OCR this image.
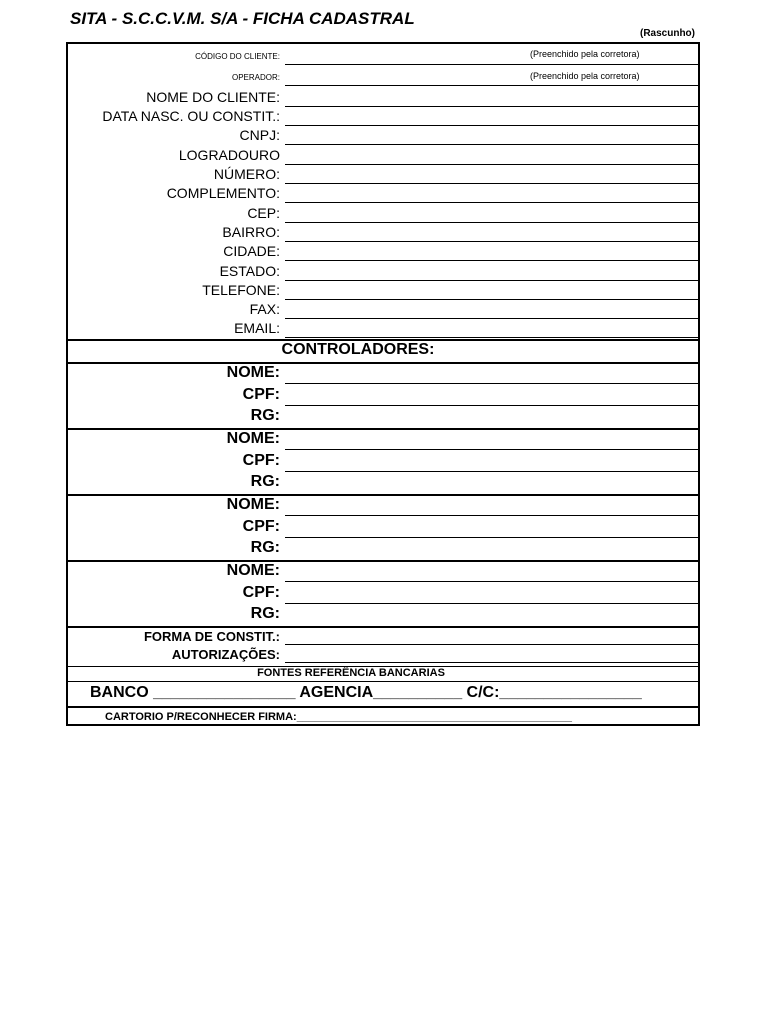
SITA - S.C.C.V.M. S/A - FICHA CADASTRAL
(Rascunho)
CÓDIGO DO CLIENTE:	(Preenchido pela corretora)
OPERADOR:	(Preenchido pela corretora)
NOME DO CLIENTE:
DATA NASC. OU CONSTIT.:
CNPJ:
LOGRADOURO
NÚMERO:
COMPLEMENTO:
CEP:
BAIRRO:
CIDADE:
ESTADO:
TELEFONE:
FAX:
EMAIL:
CONTROLADORES:
NOME:
CPF:
RG:
NOME:
CPF:
RG:
NOME:
CPF:
RG:
NOME:
CPF:
RG:
FORMA DE CONSTIT.:
AUTORIZAÇÕES:
FONTES REFERÊNCIA BANCARIAS
BANCO ________________ AGENCIA__________ C/C:________________
CARTORIO P/RECONHECER FIRMA:_____________________________________________
